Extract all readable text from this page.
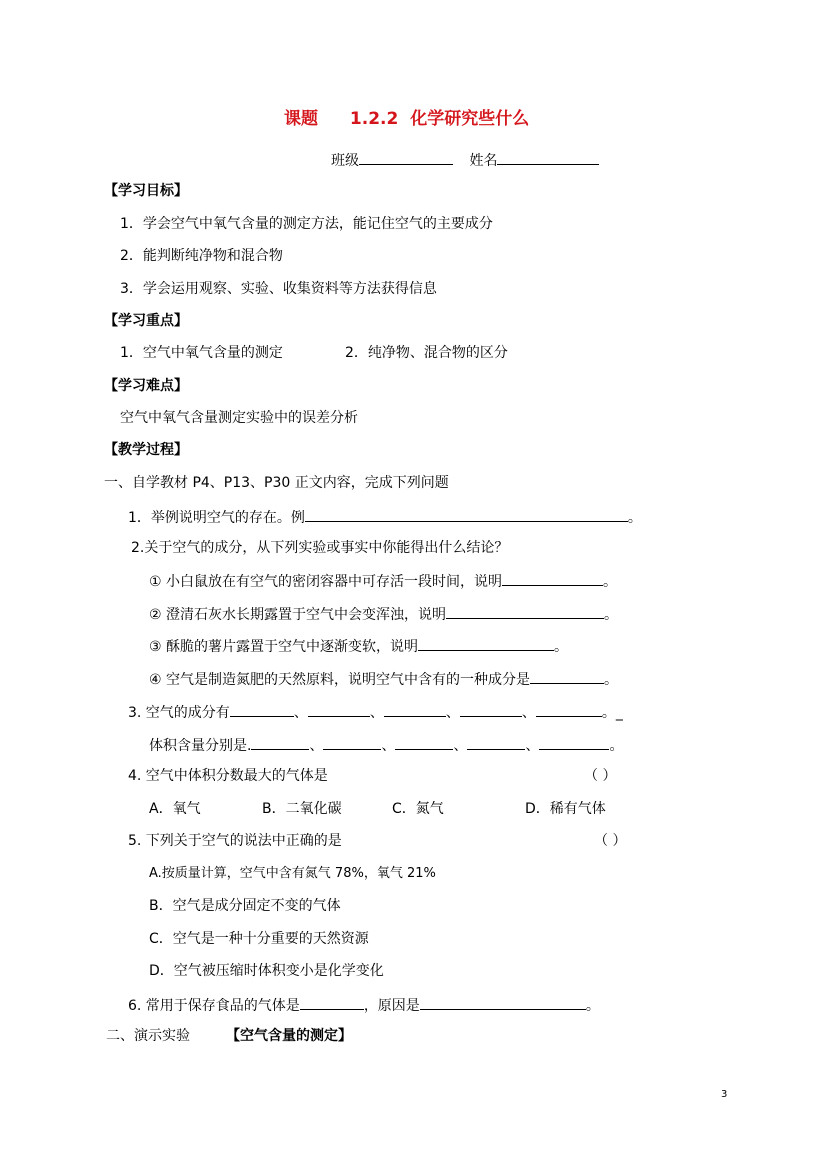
课题 1.2.2 化学研究些什么
班级	姓名
【学习目标】
1．学会空气中氧气含量的测定方法，能记住空气的主要成分
2．能判断纯净物和混合物
3．学会运用观察、实验、收集资料等方法获得信息
【学习重点】
1．空气中氧气含量的测定	2．纯净物、混合物的区分
【学习难点】
空气中氧气含量测定实验中的误差分析
【教学过程】
一、自学教材 P4、P13、P30 正文内容，完成下列问题
1．举例说明空气的存在。例	。
2.关于空气的成分，从下列实验或事实中你能得出什么结论？
① 小白鼠放在有空气的密闭容器中可存活一段时间，说明	。
② 澄清石灰水长期露置于空气中会变浑浊，说明	。
③ 酥脆的薯片露置于空气中逐渐变软，说明	。
④ 空气是制造氮肥的天然原料，说明空气中含有的一种成分是	。
3. 空气的成分有	、	、	、	、	。_
体积含量分别是.	、	、	、	、	。
4. 空气中体积分数最大的气体是	（ ）
A．氧气	B．二氧化碳	C．氮气	D．稀有气体
5. 下列关于空气的说法中正确的是	（ ）
A.按质量计算，空气中含有氮气 78%，氧气 21%
B．空气是成分固定不变的气体
C．空气是一种十分重要的天然资源
D．空气被压缩时体积变小是化学变化
6. 常用于保存食品的气体是	，原因是	。
二、演示实验	【空气含量的测定】
3
